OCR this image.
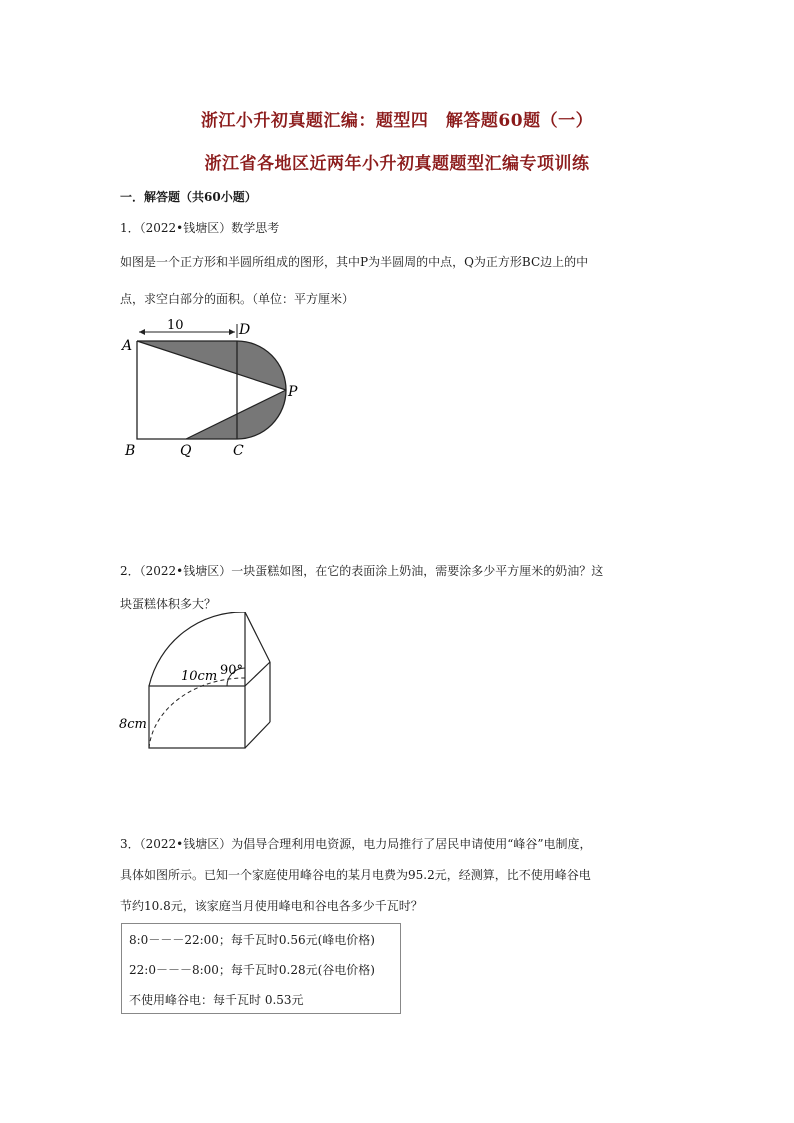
浙江小升初真题汇编：题型四　解答题60题（一）
浙江省各地区近两年小升初真题题型汇编专项训练
一．解答题（共60小题）
1．（2022•钱塘区）数学思考
如图是一个正方形和半圆所组成的图形，其中P为半圆周的中点，Q为正方形BC边上的中
点，求空白部分的面积。（单位：平方厘米）
10
A
D
P
B	Q	C
2．（2022•钱塘区）一块蛋糕如图，在它的表面涂上奶油，需要涂多少平方厘米的奶油？这
块蛋糕体积多大？
90°
10cm
8cm
3．（2022•钱塘区）为倡导合理利用电资源，电力局推行了居民申请使用“峰谷”电制度，
具体如图所示。已知一个家庭使用峰谷电的某月电费为95.2元，经测算，比不使用峰谷电
节约10.8元，该家庭当月使用峰电和谷电各多少千瓦时？
8:0－－－22:00；每千瓦时0.56元(峰电价格)
22:0－－－8:00；每千瓦时0.28元(谷电价格)
不使用峰谷电：每千瓦时 0.53元
